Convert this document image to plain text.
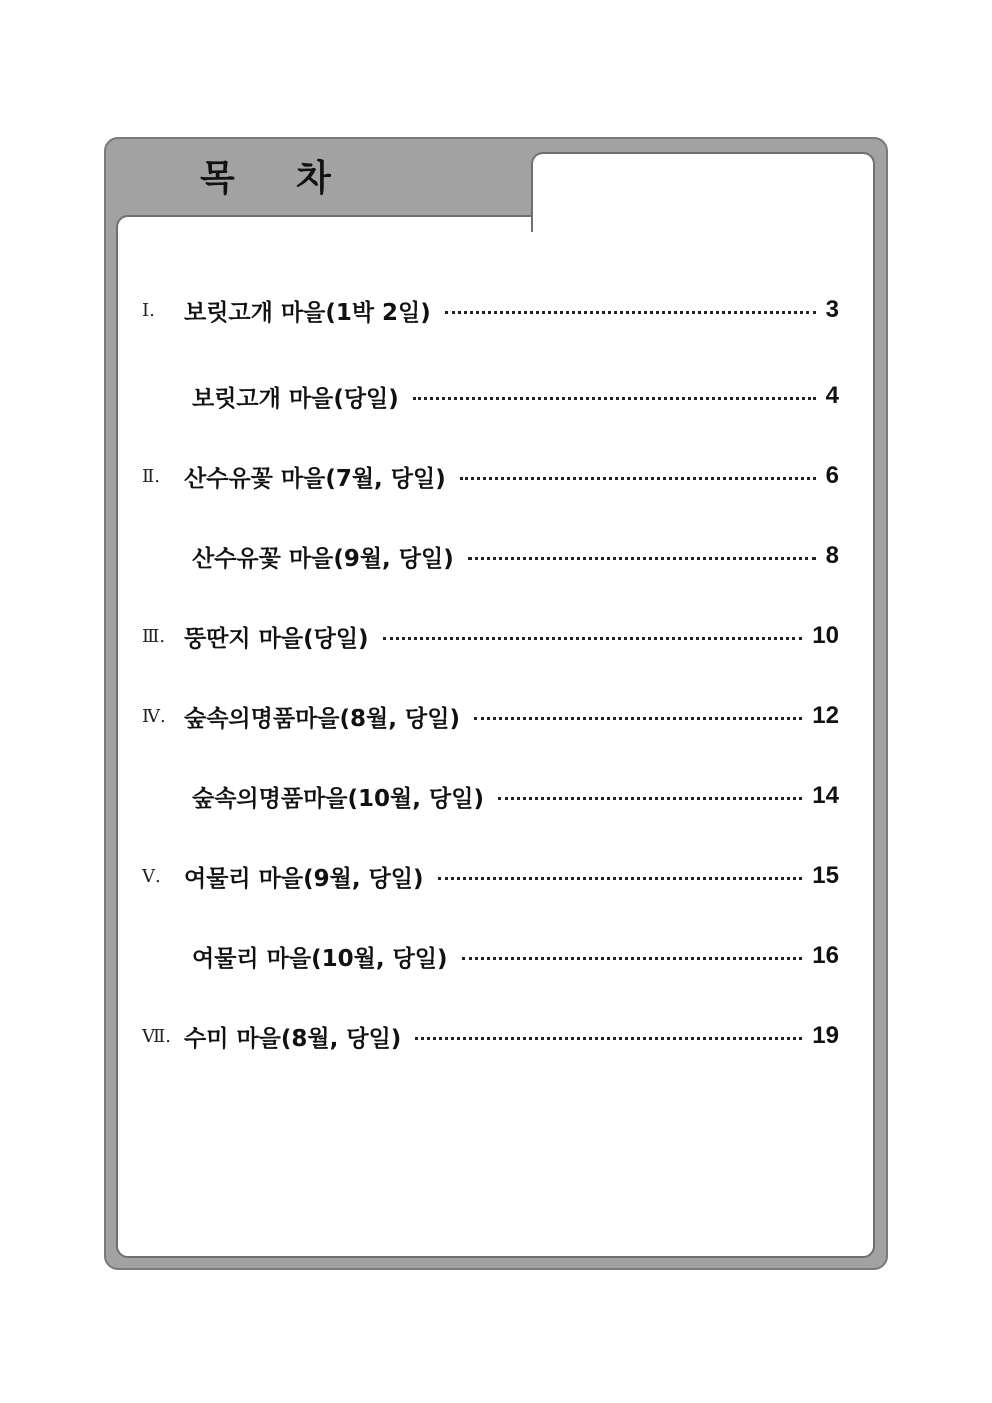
목	차
Ⅰ.	보릿고개 마을(1박 2일)	3
보릿고개 마을(당일)	4
Ⅱ.	산수유꽃 마을(7월, 당일)	6
산수유꽃 마을(9월, 당일)	8
Ⅲ. 뚱딴지 마을(당일)	10
Ⅳ. 숲속의명품마을(8월, 당일)	12
숲속의명품마을(10월, 당일)	14
Ⅴ.	여물리 마을(9월, 당일)	15
여물리 마을(10월, 당일)	16
Ⅶ. 수미 마을(8월, 당일)	19
